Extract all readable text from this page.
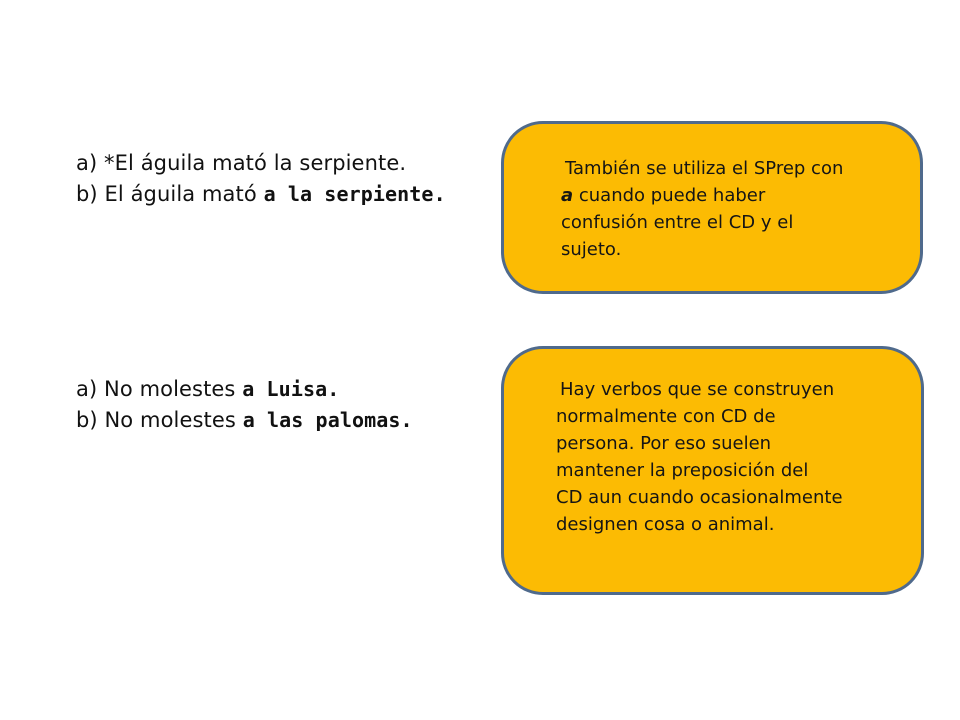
a) *El águila mató la serpiente.
b) El águila mató a la serpiente.
a) No molestes a Luisa.
b) No molestes a las palomas.
También se utiliza el SPrep con
a cuando puede haber
confusión entre el CD y el
sujeto.
Hay verbos que se construyen
normalmente con CD de
persona. Por eso suelen
mantener la preposición del
CD aun cuando ocasionalmente
designen cosa o animal.
